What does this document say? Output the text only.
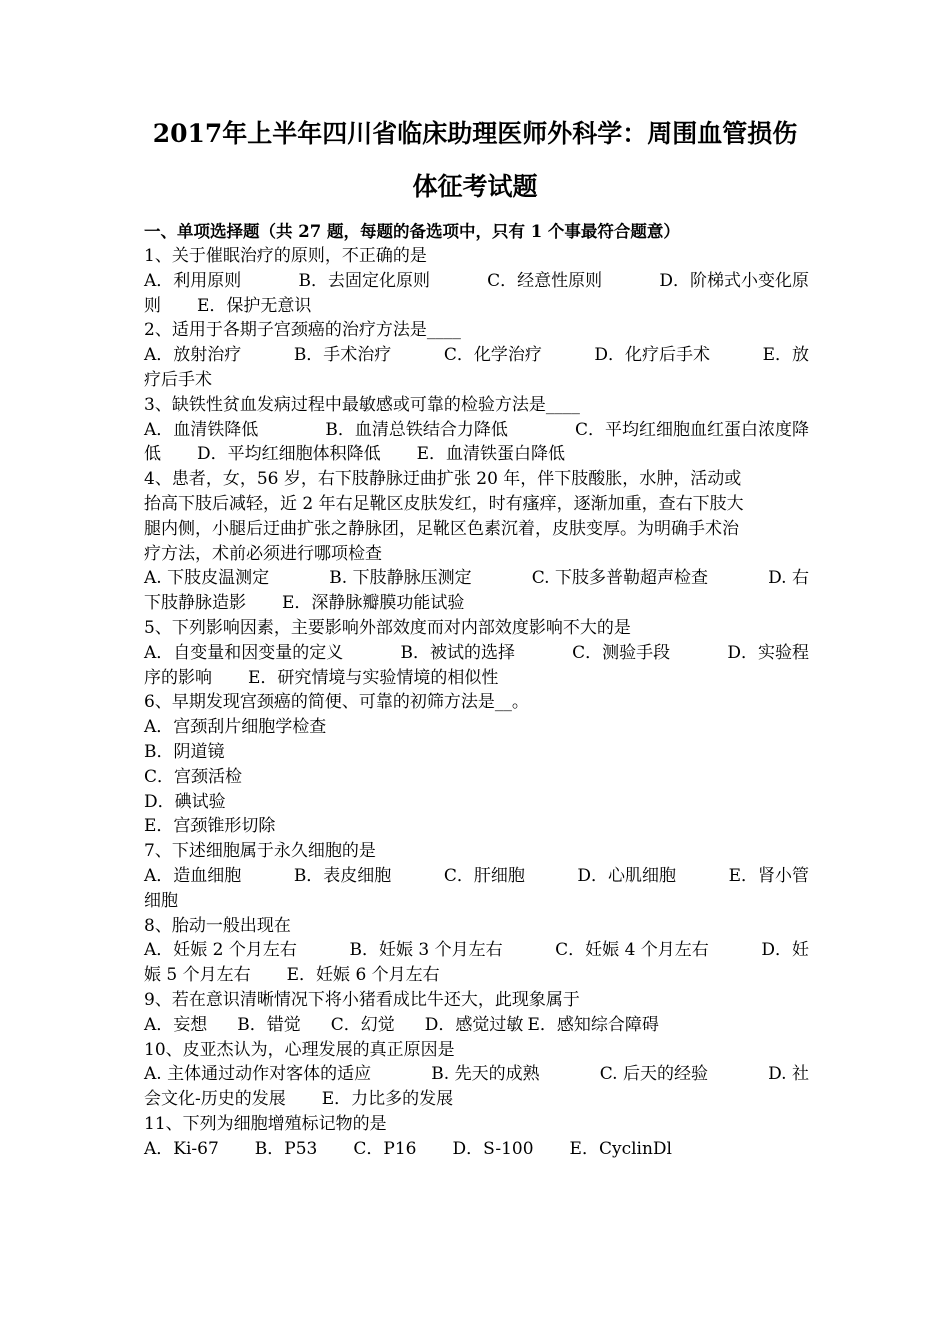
2017年上半年四川省临床助理医师外科学：周围血管损伤
体征考试题
一、单项选择题（共 27 题，每题的备选项中，只有 1 个事最符合题意）
1、关于催眠治疗的原则，不正确的是
A．利用原则	B．去固定化原则	C．经意性原则	D．阶梯式小变化原
则 E．保护无意识
2、适用于各期子宫颈癌的治疗方法是____
A．放射治疗	B．手术治疗	C．化学治疗	D．化疗后手术	E．放
疗后手术
3、缺铁性贫血发病过程中最敏感或可靠的检验方法是____
A．血清铁降低	B．血清总铁结合力降低	C．平均红细胞血红蛋白浓度降
低 D．平均红细胞体积降低 E．血清铁蛋白降低
4、患者，女，56 岁，右下肢静脉迂曲扩张 20 年，伴下肢酸胀，水肿，活动或
抬高下肢后减轻，近 2 年右足靴区皮肤发红，时有瘙痒，逐渐加重，查右下肢大
腿内侧，小腿后迂曲扩张之静脉团，足靴区色素沉着，皮肤变厚。为明确手术治
疗方法，术前必须进行哪项检查
A. 下肢皮温测定	B. 下肢静脉压测定	C. 下肢多普勒超声检查	D. 右
下肢静脉造影 E．深静脉瓣膜功能试验
5、下列影响因素，主要影响外部效度而对内部效度影响不大的是
A．自变量和因变量的定义	B．被试的选择	C．测验手段	D．实验程
序的影响 E．研究情境与实验情境的相似性
6、早期发现宫颈癌的简便、可靠的初筛方法是__。
A．宫颈刮片细胞学检查
B．阴道镜
C．宫颈活检
D．碘试验
E．宫颈锥形切除
7、下述细胞属于永久细胞的是
A．造血细胞	B．表皮细胞	C．肝细胞	D．心肌细胞	E．肾小管
细胞
8、胎动一般出现在
A．妊娠 2 个月左右	B．妊娠 3 个月左右	C．妊娠 4 个月左右	D．妊
娠 5 个月左右 E．妊娠 6 个月左右
9、若在意识清晰情况下将小猪看成比牛还大，此现象属于
A．妄想 B．错觉 C．幻觉 D．感觉过敏 E．感知综合障碍
10、皮亚杰认为，心理发展的真正原因是
A. 主体通过动作对客体的适应	B. 先天的成熟	C. 后天的经验	D. 社
会文化-历史的发展 E．力比多的发展
11、下列为细胞增殖标记物的是
A．Ki-67 B．P53 C．P16 D．S-100 E．CyclinDl
